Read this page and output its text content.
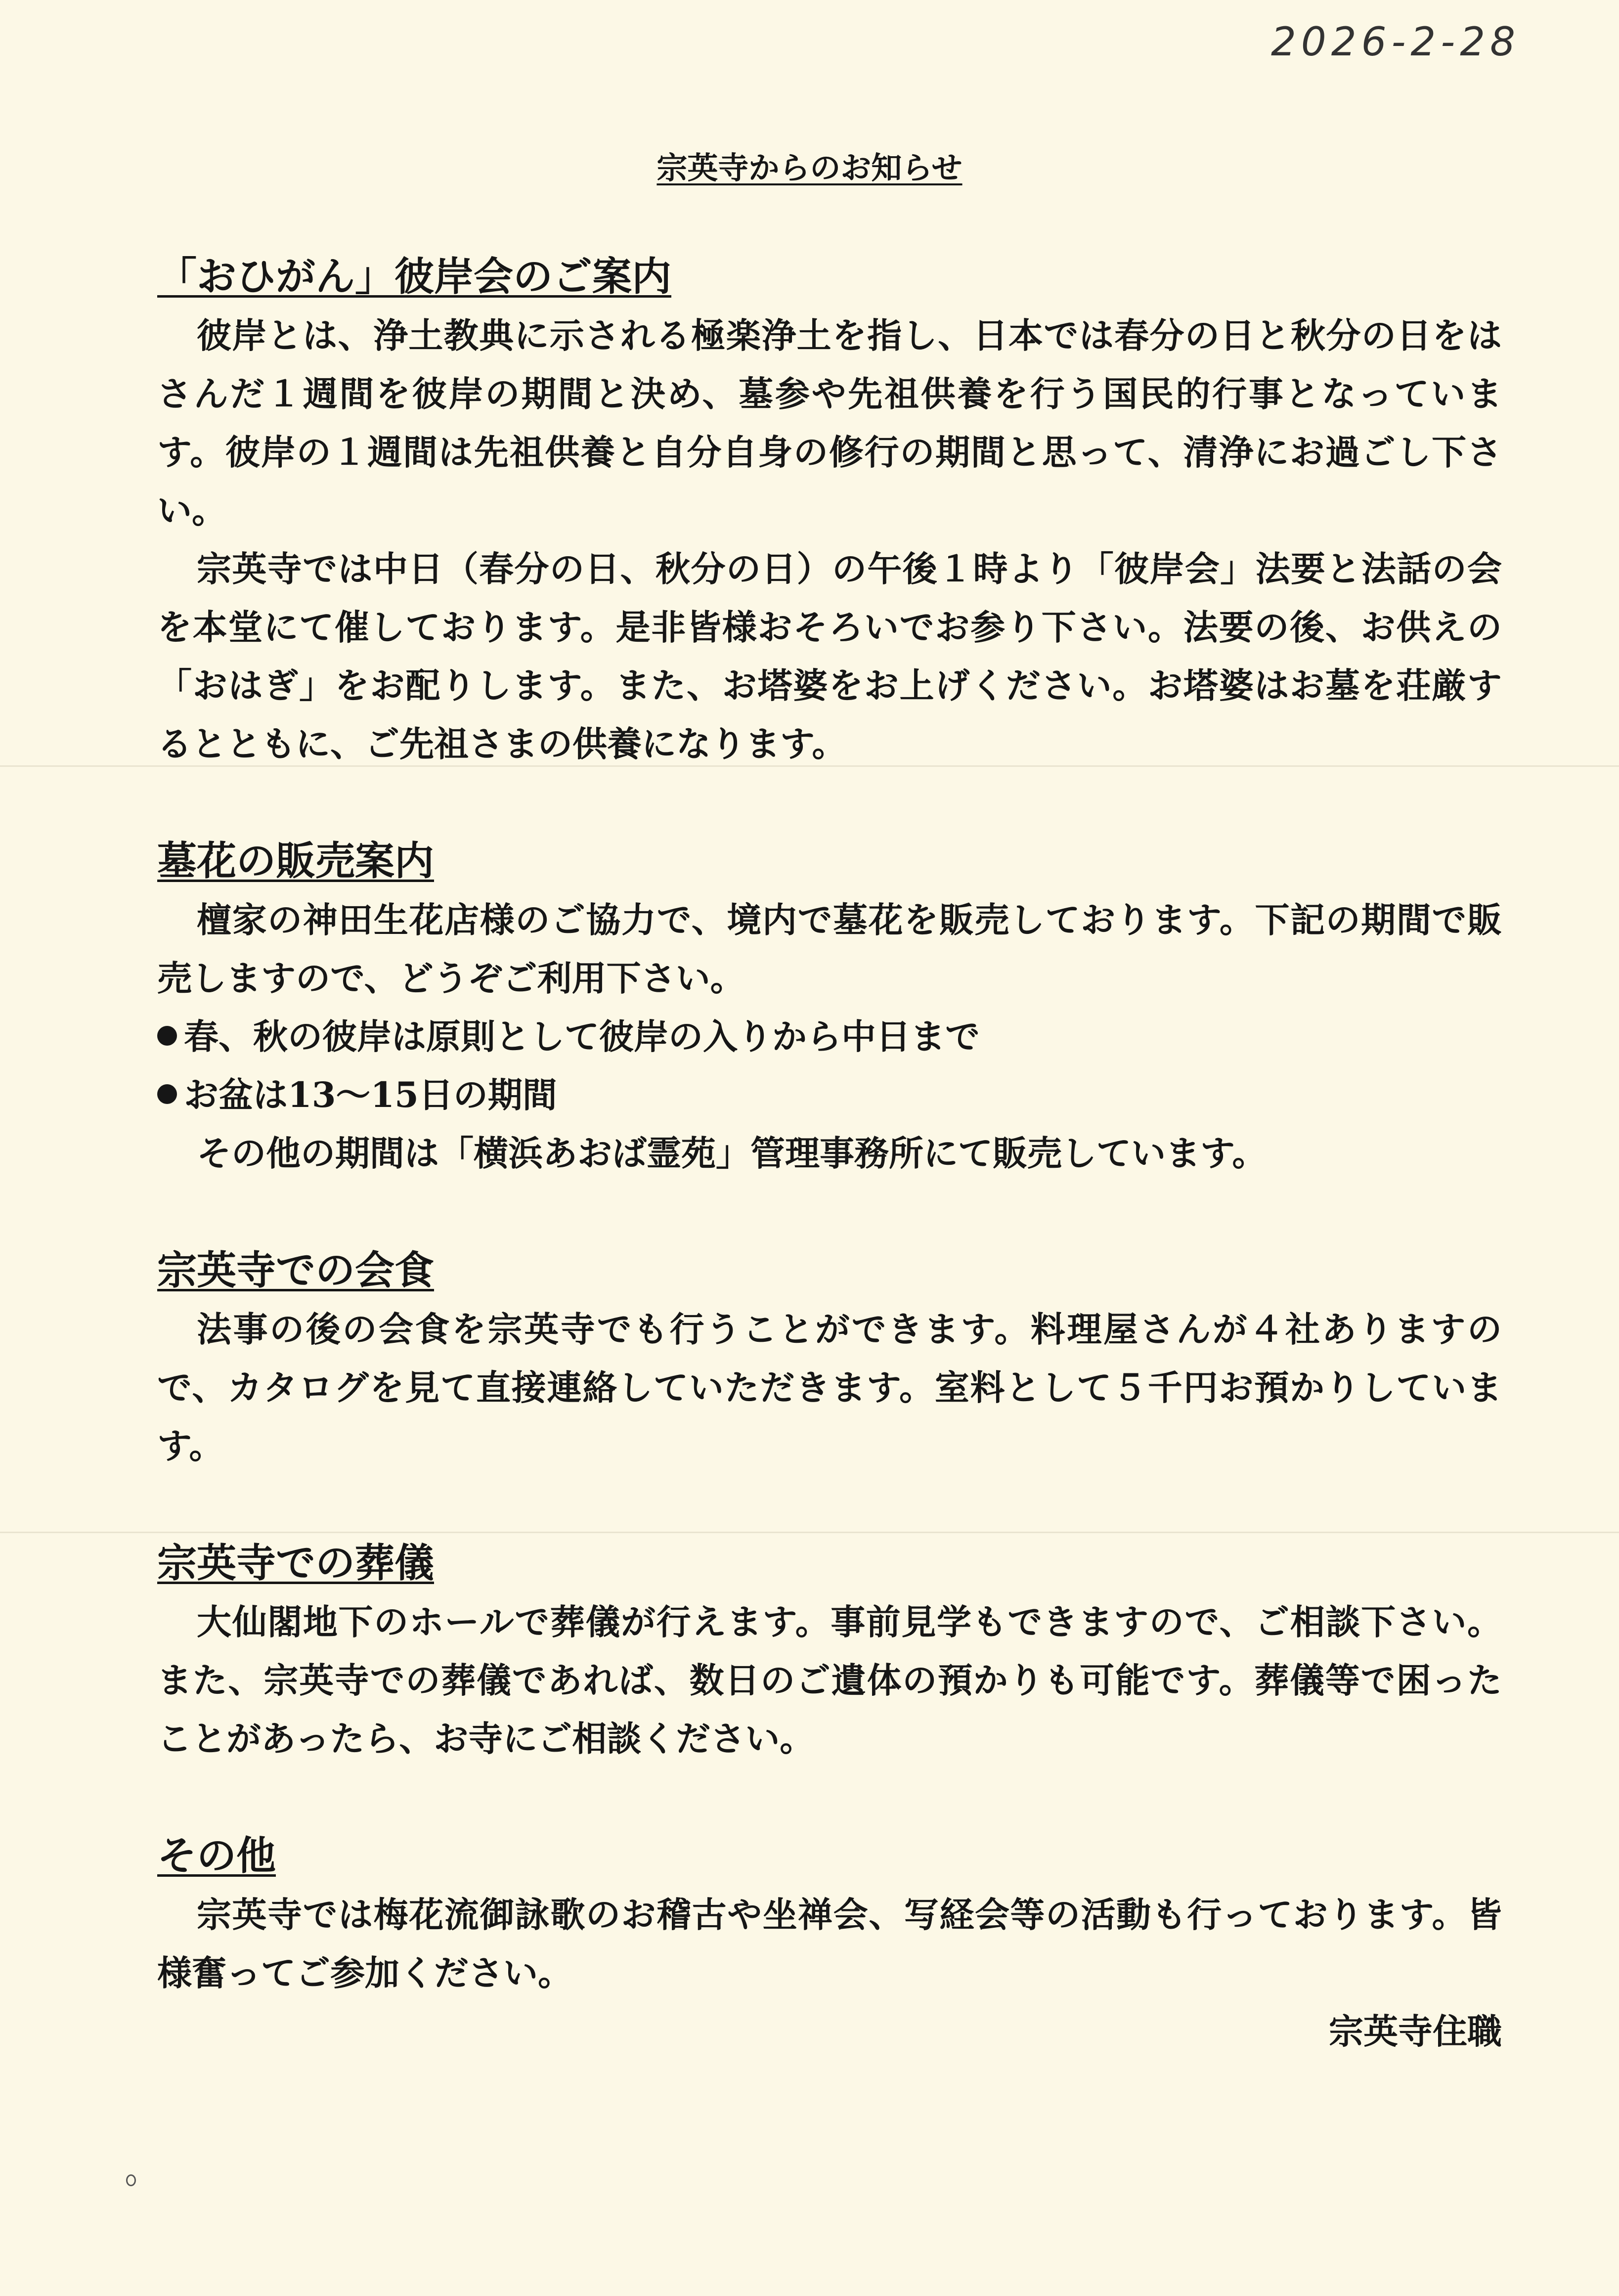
2026-2-28
宗英寺からのお知らせ

「おひがん」彼岸会のご案内

彼岸とは、浄土教典に示される極楽浄土を指し、日本では春分の日と秋分の日をはさんだ１週間を彼岸の期間と決め、墓参や先祖供養を行う国民的行事となっています。彼岸の１週間は先祖供養と自分自身の修行の期間と思って、清浄にお過ごし下さい。

宗英寺では中日（春分の日、秋分の日）の午後１時より「彼岸会」法要と法話の会を本堂にて催しております。是非皆様おそろいでお参り下さい。法要の後、お供えの「おはぎ」をお配りします。また、お塔婆をお上げください。お塔婆はお墓を荘厳するとともに、ご先祖さまの供養になります。

墓花の販売案内

檀家の神田生花店様のご協力で、境内で墓花を販売しております。下記の期間で販売しますので、どうぞご利用下さい。

春、秋の彼岸は原則として彼岸の入りから中日まで

お盆は13～15日の期間

その他の期間は「横浜あおば霊苑」管理事務所にて販売しています。

宗英寺での会食

法事の後の会食を宗英寺でも行うことができます。料理屋さんが４社ありますので、カタログを見て直接連絡していただきます。室料として５千円お預かりしています。

宗英寺での葬儀

大仙閣地下のホールで葬儀が行えます。事前見学もできますので、ご相談下さい。また、宗英寺での葬儀であれば、数日のご遺体の預かりも可能です。葬儀等で困ったことがあったら、お寺にご相談ください。

その他

宗英寺では梅花流御詠歌のお稽古や坐禅会、写経会等の活動も行っております。皆様奮ってご参加ください。

宗英寺住職
